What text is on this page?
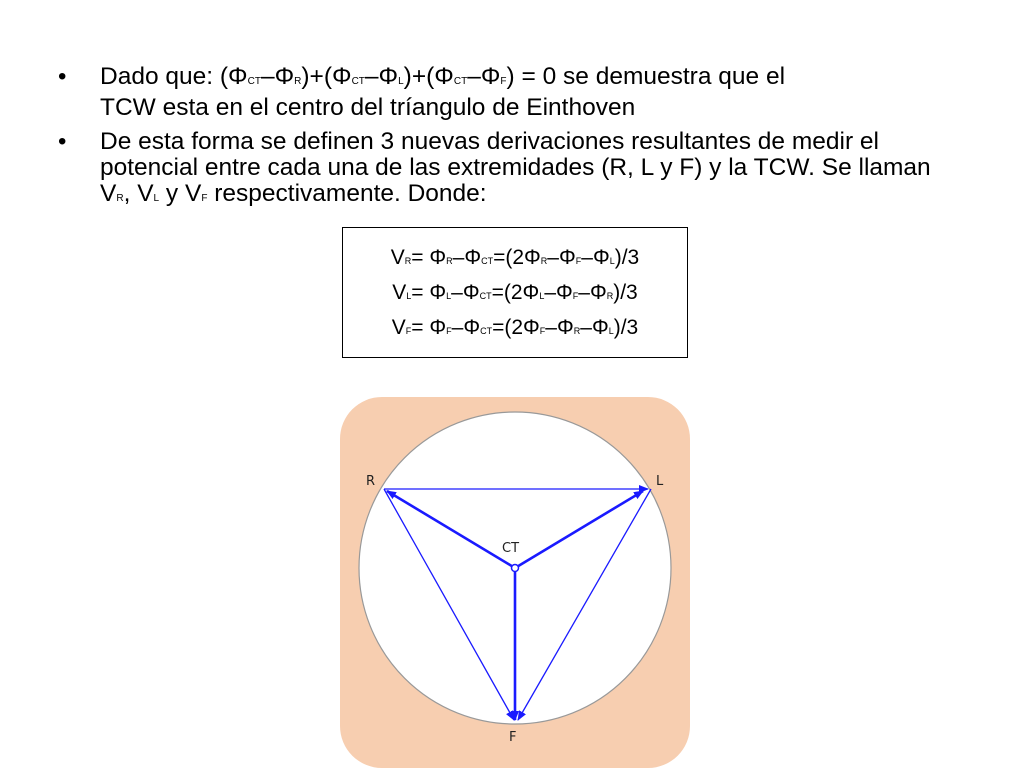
• Dado que: (ΦCT–ΦR)+(ΦCT–ΦL)+(ΦCT–ΦF) = 0 se demuestra que el
TCW esta en el centro del tríangulo de Einthoven
• De esta forma se definen 3 nuevas derivaciones resultantes de medir el potencial entre cada una de las extremidades (R, L y F) y la TCW. Se llaman VR, VL y VF respectivamente. Donde:
VR= ΦR–ΦCT=(2ΦR–ΦF–ΦL)/3
VL= ΦL–ΦCT=(2ΦL–ΦF–ΦR)/3
VF= ΦF–ΦCT=(2ΦF–ΦR–ΦL)/3
R	L
CT
F
